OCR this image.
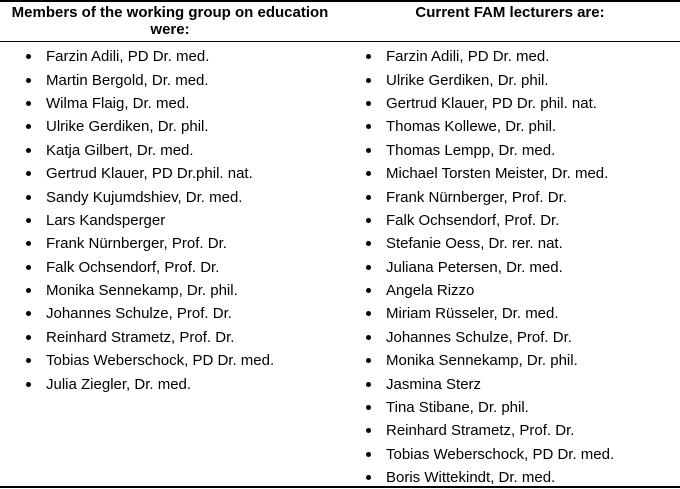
Members of the working group on education were:
Current FAM lecturers are:
Farzin Adili, PD Dr. med.
Martin Bergold, Dr. med.
Wilma Flaig, Dr. med.
Ulrike Gerdiken, Dr. phil.
Katja Gilbert, Dr. med.
Gertrud Klauer, PD Dr.phil. nat.
Sandy Kujumdshiev, Dr. med.
Lars Kandsperger
Frank Nürnberger, Prof. Dr.
Falk Ochsendorf, Prof. Dr.
Monika Sennekamp, Dr. phil.
Johannes Schulze, Prof. Dr.
Reinhard Strametz, Prof. Dr.
Tobias Weberschock, PD Dr. med.
Julia Ziegler, Dr. med.
Farzin Adili, PD Dr. med.
Ulrike Gerdiken, Dr. phil.
Gertrud Klauer, PD Dr. phil. nat.
Thomas Kollewe, Dr. phil.
Thomas Lempp, Dr. med.
Michael Torsten Meister, Dr. med.
Frank Nürnberger, Prof. Dr.
Falk Ochsendorf, Prof. Dr.
Stefanie Oess, Dr. rer. nat.
Juliana Petersen, Dr. med.
Angela Rizzo
Miriam Rüsseler, Dr. med.
Johannes Schulze, Prof. Dr.
Monika Sennekamp, Dr. phil.
Jasmina Sterz
Tina Stibane, Dr. phil.
Reinhard Strametz, Prof. Dr.
Tobias Weberschock, PD Dr. med.
Boris Wittekindt, Dr. med.
